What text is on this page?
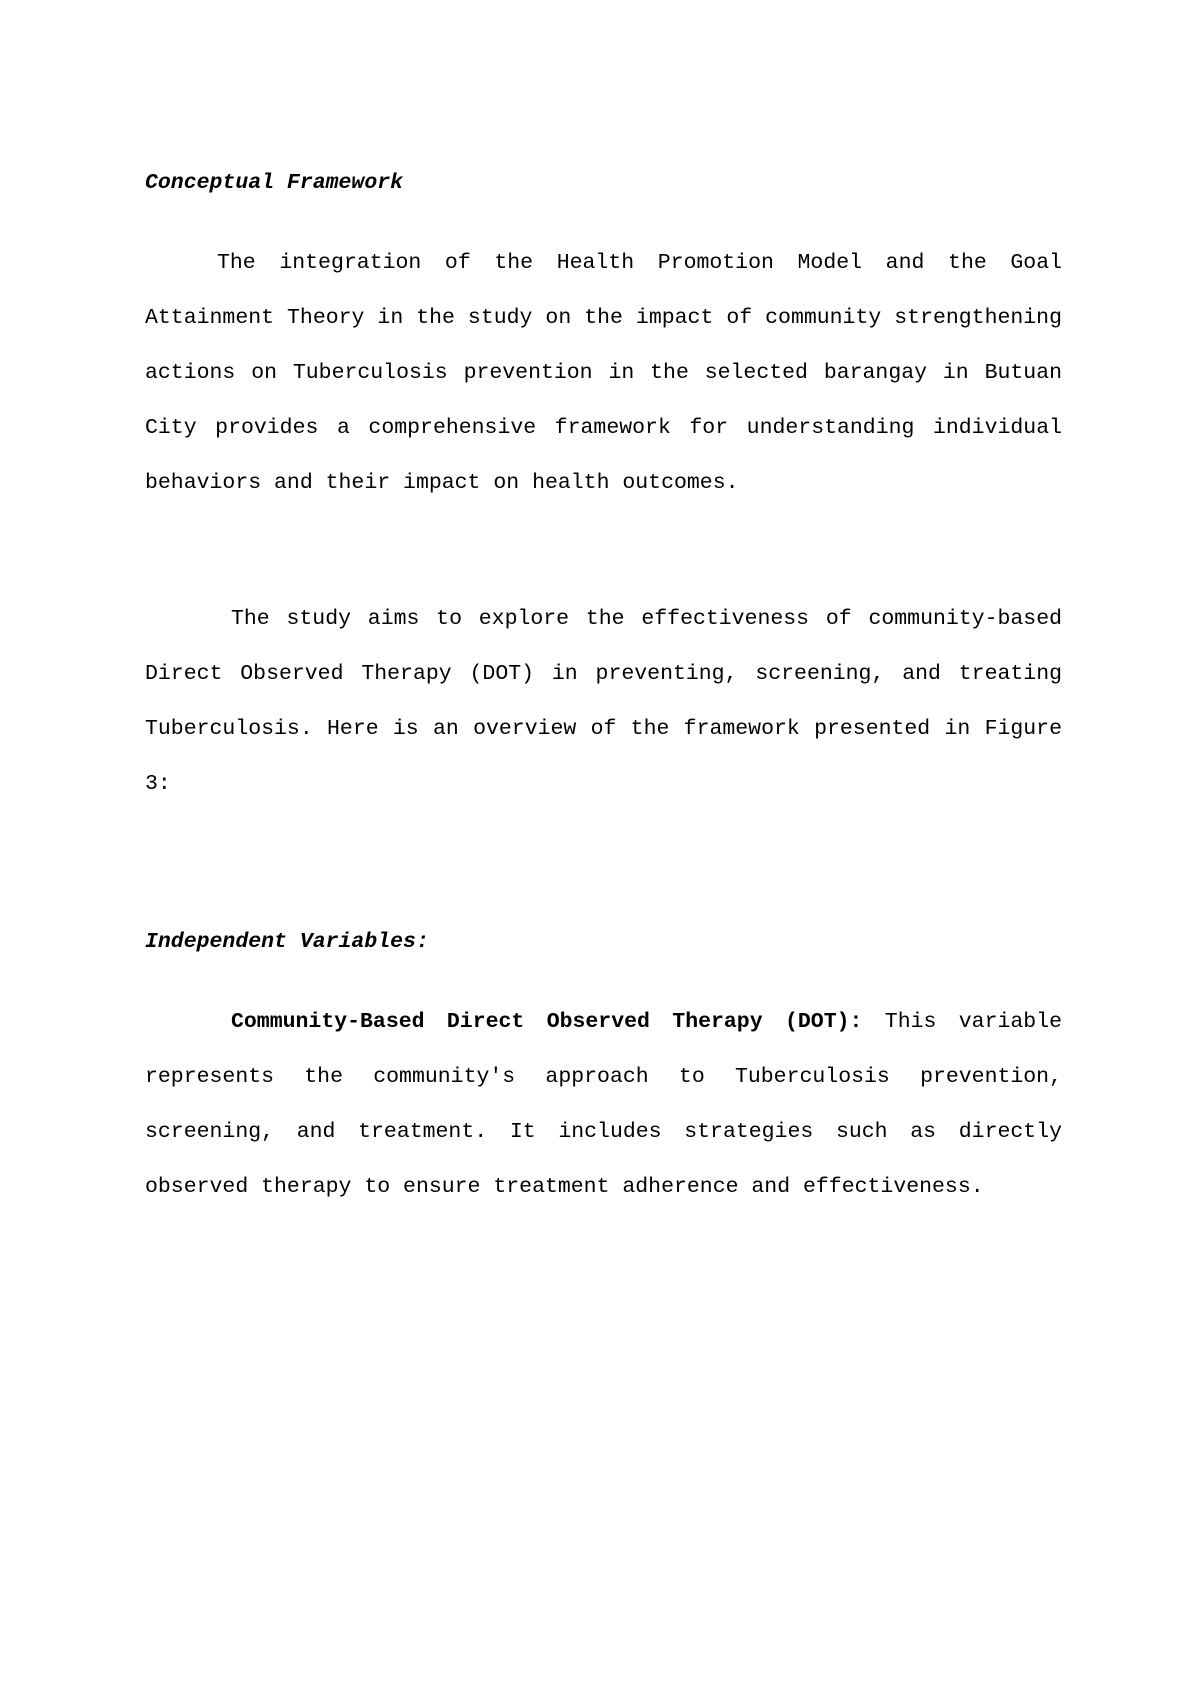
Conceptual Framework

The integration of the Health Promotion Model and the Goal Attainment Theory in the study on the impact of community strengthening actions on Tuberculosis prevention in the selected barangay in Butuan City provides a comprehensive framework for understanding individual behaviors and their impact on health outcomes.

The study aims to explore the effectiveness of community-based Direct Observed Therapy (DOT) in preventing, screening, and treating Tuberculosis. Here is an overview of the framework presented in Figure 3:

Independent Variables:

Community-Based Direct Observed Therapy (DOT): This variable represents the community's approach to Tuberculosis prevention, screening, and treatment. It includes strategies such as directly observed therapy to ensure treatment adherence and effectiveness.
